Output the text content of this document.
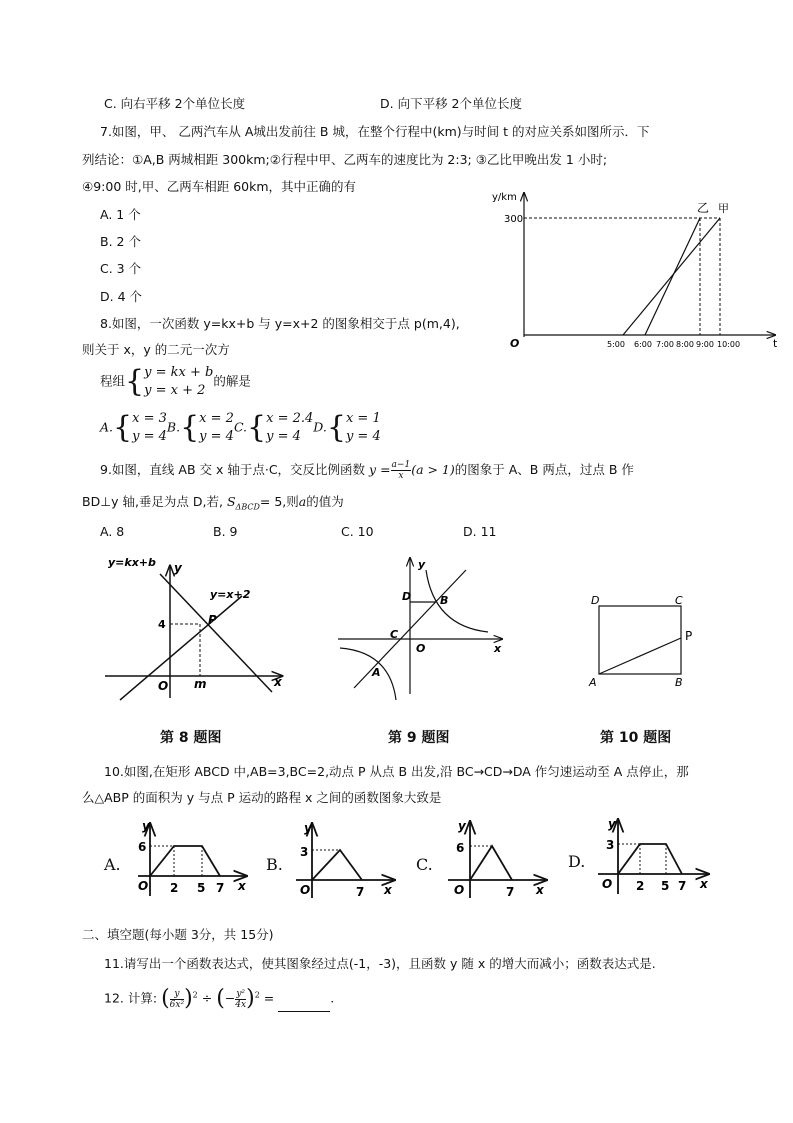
C. 向右平移 2个单位长度	D. 向下平移 2个单位长度
7.如图，甲、 乙两汽车从 A城出发前往 B 城，在整个行程中(km)与时间 t 的对应关系如图所示．下
列结论：①A,B 两城相距 300km;②行程中甲、乙两车的速度比为 2:3; ③乙比甲晚出发 1 小时;
④9:00 时,甲、乙两车相距 60km，其中正确的有
A. 1 个
B. 2 个
C. 3 个
D. 4 个
y/km
300
O	t
乙 甲
5:00 6:00 7:00 8:00 9:00 10:00
8.如图，一次函数 y=kx+b 与 y=x+2 的图象相交于点 p(m,4),
则关于 x，y 的二元一次方
程组{ y = kx + b
y = x + 2
的解是
A.{ x = 3
y = 4
B.{ x = 2
y = 4
C.{ x = 2.4
y = 4
D.{ x = 1
y = 4
9.如图，直线 AB 交 x 轴于点·C，交反比例函数 $y = \frac{a-1}{x} (a > 1)$的图象于 A、B 两点，过点 B 作
BD⊥y 轴,垂足为点 D,若, $S_{\Delta BCD}= 5$,则a的值为
A. 8	B. 9	C. 10	D. 11
y=kx+b
y=x+2
y
x
P
4
O m
y
x
D	B
C
O
A
D	C
P
A	B
第 8 题图	第 9 题图	第 10 题图
10.如图,在矩形 ABCD 中,AB=3,BC=2,动点 P 从点 B 出发,沿 BC→CD→DA 作匀速运动至 A 点停止，那
么△ABP 的面积为 y 与点 P 运动的路程 x 之间的函数图象大致是
A.
y
x
O
6
2 5 7
B.
y
x
O
3
7
C.
y
x
O
6
7
D.
y
x
O
3
2 5 7
二、填空题(每小题 3分，共 15分)
11.请写出一个函数表达式，使其图象经过点(-1，-3)，且函数 y 随 x 的增大而减小；函数表达式是.
12. 计算: ( $\frac{y}{\text{6x²}} )^2$ ÷ (− $\frac{\text{y²}}{4x} )^2$ =	.
